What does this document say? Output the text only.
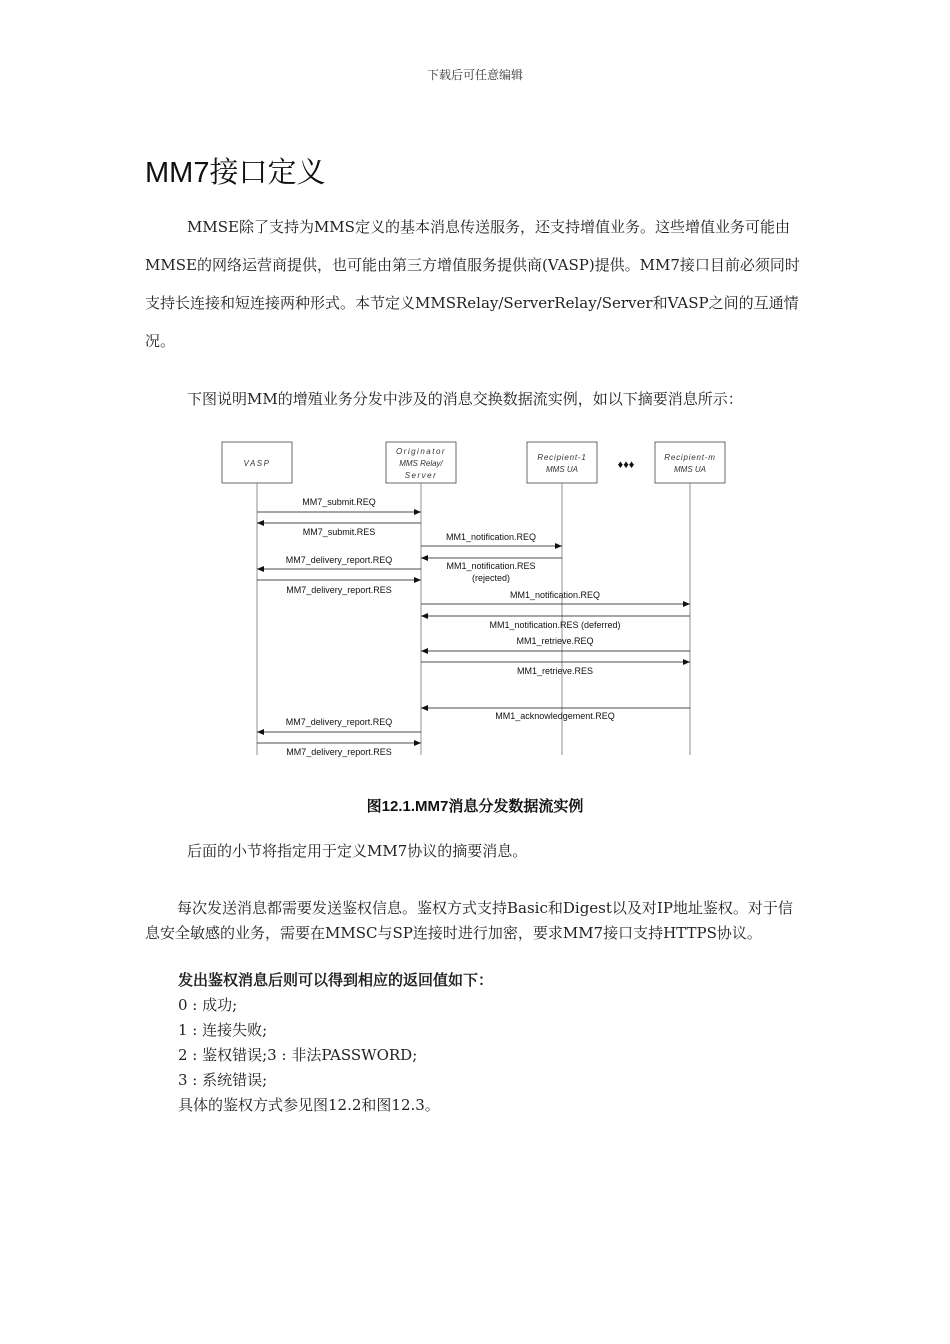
下载后可任意编辑
MM7接口定义
MMSE除了支持为MMS定义的基本消息传送服务，还支持增值业务。这些增值业务可能由MMSE的网络运营商提供，也可能由第三方增值服务提供商(VASP)提供。MM7接口目前必须同时支持长连接和短连接两种形式。本节定义MMSRelay/ServerRelay/Server和VASP之间的互通情况。
下图说明MM的增殖业务分发中涉及的消息交换数据流实例，如以下摘要消息所示：
VASP
Originator
MMS Relay/
Server
Recipient-1
MMS UA	♦♦♦
Recipient-m
MMS UA
MM7_submit.REQ
MM7_submit.RES	MM1_notification.REQ
MM7_delivery_report.REQ
MM1_notification.RES
(rejected)
MM7_delivery_report.RES	MM1_notification.REQ
MM1_notification.RES (deferred)
MM1_retrieve.REQ
MM1_retrieve.RES
MM1_acknowledgement.REQ
MM7_delivery_report.REQ
MM7_delivery_report.RES
图12.1.MM7消息分发数据流实例
后面的小节将指定用于定义MM7协议的摘要消息。
每次发送消息都需要发送鉴权信息。鉴权方式支持Basic和Digest以及对IP地址鉴权。对于信息安全敏感的业务，需要在MMSC与SP连接时进行加密，要求MM7接口支持HTTPS协议。
发出鉴权消息后则可以得到相应的返回值如下：
0 : 成功;
1 : 连接失败;
2 : 鉴权错误;3 : 非法PASSWORD;
3 : 系统错误;
具体的鉴权方式参见图12.2和图12.3。
